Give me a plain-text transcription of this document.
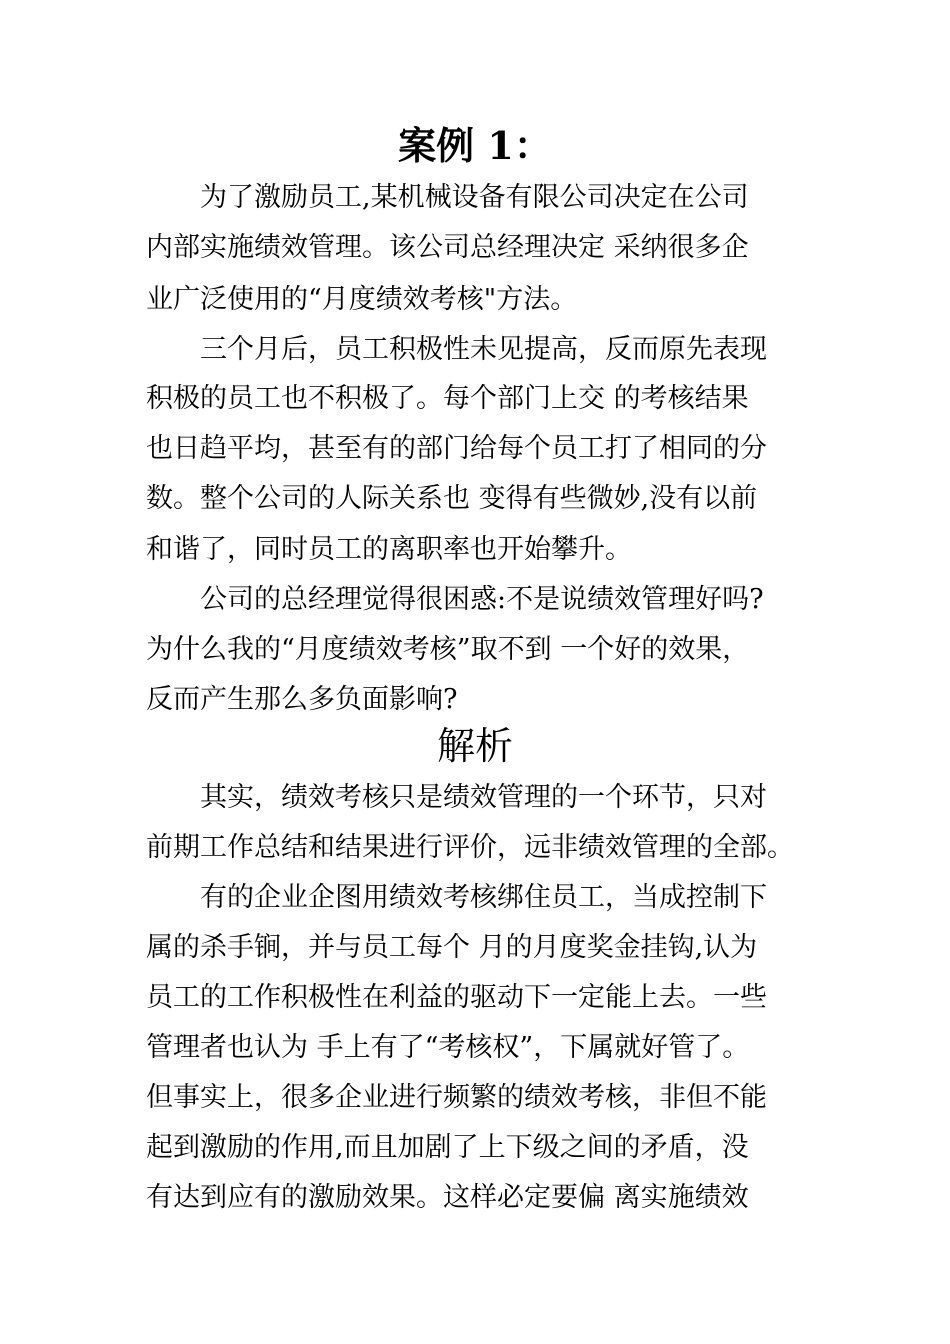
案例 1：
为了激励员工,某机械设备有限公司决定在公司
内部实施绩效管理。该公司总经理决定 采纳很多企
业广泛使用的“月度绩效考核"方法。
三个月后，员工积极性未见提高，反而原先表现
积极的员工也不积极了。每个部门上交 的考核结果
也日趋平均，甚至有的部门给每个员工打了相同的分
数。整个公司的人际关系也 变得有些微妙,没有以前
和谐了，同时员工的离职率也开始攀升。
公司的总经理觉得很困惑:不是说绩效管理好吗?
为什么我的“月度绩效考核”取不到 一个好的效果，
反而产生那么多负面影响?
解析
其实，绩效考核只是绩效管理的一个环节，只对
前期工作总结和结果进行评价，远非绩效管理的全部。
有的企业企图用绩效考核绑住员工，当成控制下
属的杀手锏，并与员工每个 月的月度奖金挂钩,认为
员工的工作积极性在利益的驱动下一定能上去。一些
管理者也认为 手上有了“考核权”，下属就好管了。
但事实上，很多企业进行频繁的绩效考核，非但不能
起到激励的作用,而且加剧了上下级之间的矛盾，没
有达到应有的激励效果。这样必定要偏 离实施绩效
